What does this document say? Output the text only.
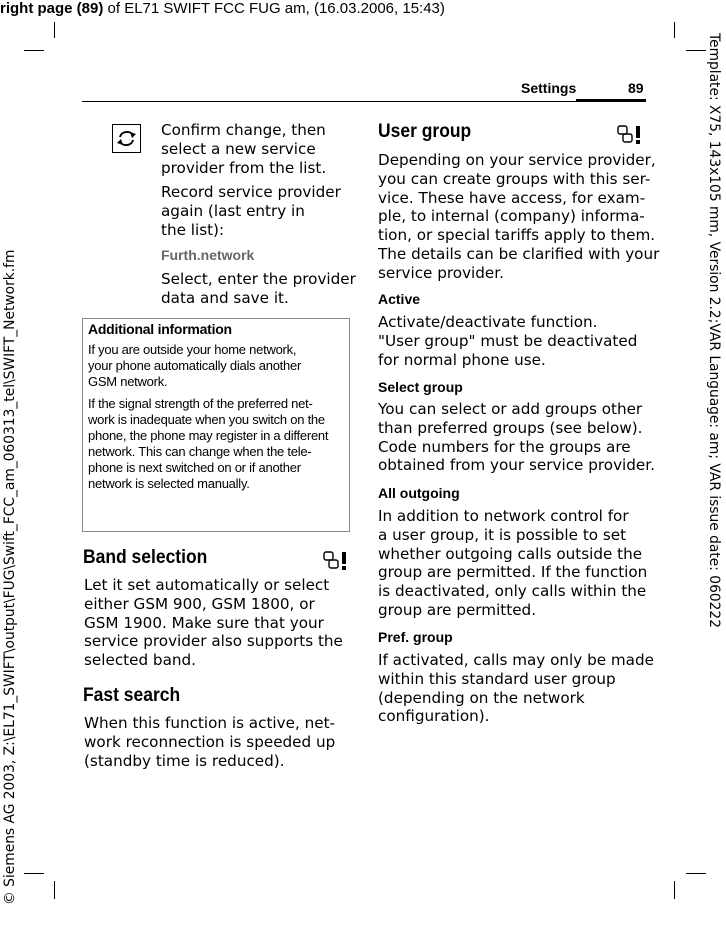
right page (89) of EL71 SWIFT FCC FUG am, (16.03.2006, 15:43)
© Siemens AG 2003, Z:\EL71_SWIFT\output\FUG\Swift_FCC_am_060313_tel\SWIFT_Network.fm	Template: X75, 143x105 mm, Version 2.2;VAR Language: am; VAR issue date: 060222
Settings	89
Confirm change, then
select a new service
provider from the list.
Record service provider
again (last entry in
the list):
Furth.network
Select, enter the provider
data and save it.

Additional information

If you are outside your home network,
your phone automatically dials another
GSM network.

If the signal strength of the preferred net-
work is inadequate when you switch on the
phone, the phone may register in a different
network. This can change when the tele-
phone is next switched on or if another
network is selected manually.

Band selection
Let it set automatically or select
either GSM 900, GSM 1800, or
GSM 1900. Make sure that your
service provider also supports the
selected band.
Fast search
When this function is active, net-
work reconnection is speeded up
(standby time is reduced).
User group
Depending on your service provider,
you can create groups with this ser-
vice. These have access, for exam-
ple, to internal (company) informa-
tion, or special tariffs apply to them.
The details can be clarified with your
service provider.
Active
Activate/deactivate function.
"User group" must be deactivated
for normal phone use.
Select group
You can select or add groups other
than preferred groups (see below).
Code numbers for the groups are
obtained from your service provider.
All outgoing
In addition to network control for
a user group, it is possible to set
whether outgoing calls outside the
group are permitted. If the function
is deactivated, only calls within the
group are permitted.
Pref. group
If activated, calls may only be made
within this standard user group
(depending on the network
configuration).
